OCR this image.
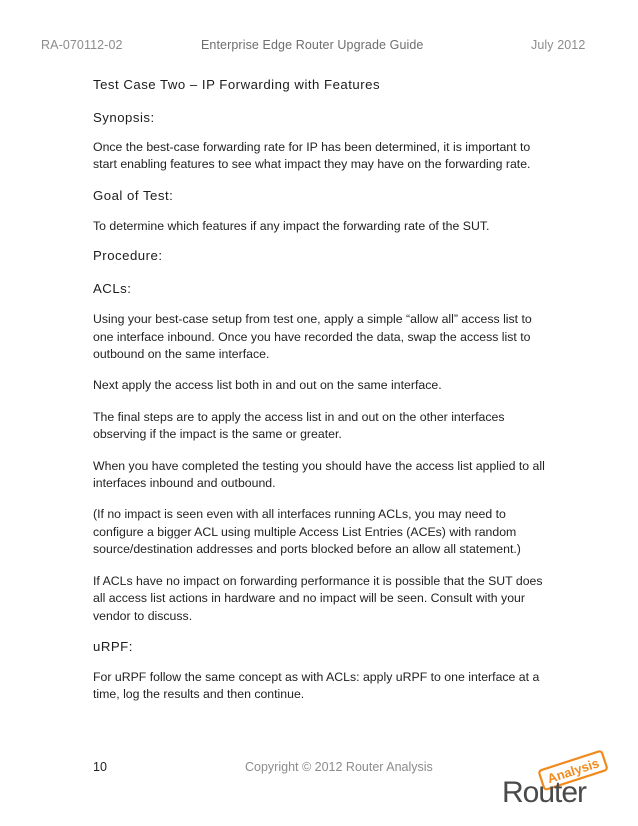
RA-070112-02	Enterprise Edge Router Upgrade Guide	July 2012

Test Case Two – IP Forwarding with Features

Synopsis:

Once the best-case forwarding rate for IP has been determined, it is important to

start enabling features to see what impact they may have on the forwarding rate.

Goal of Test:

To determine which features if any impact the forwarding rate of the SUT.

Procedure:

ACLs:

Using your best-case setup from test one, apply a simple “allow all” access list to

one interface inbound. Once you have recorded the data, swap the access list to

outbound on the same interface.

Next apply the access list both in and out on the same interface.

The final steps are to apply the access list in and out on the other interfaces

observing if the impact is the same or greater.

When you have completed the testing you should have the access list applied to all

interfaces inbound and outbound.

(If no impact is seen even with all interfaces running ACLs, you may need to

configure a bigger ACL using multiple Access List Entries (ACEs) with random

source/destination addresses and ports blocked before an allow all statement.)

If ACLs have no impact on forwarding performance it is possible that the SUT does

all access list actions in hardware and no impact will be seen. Consult with your

vendor to discuss.

uRPF:

For uRPF follow the same concept as with ACLs: apply uRPF to one interface at a

time, log the results and then continue.

10	Copyright © 2012 Router Analysis	Analysis
Router
